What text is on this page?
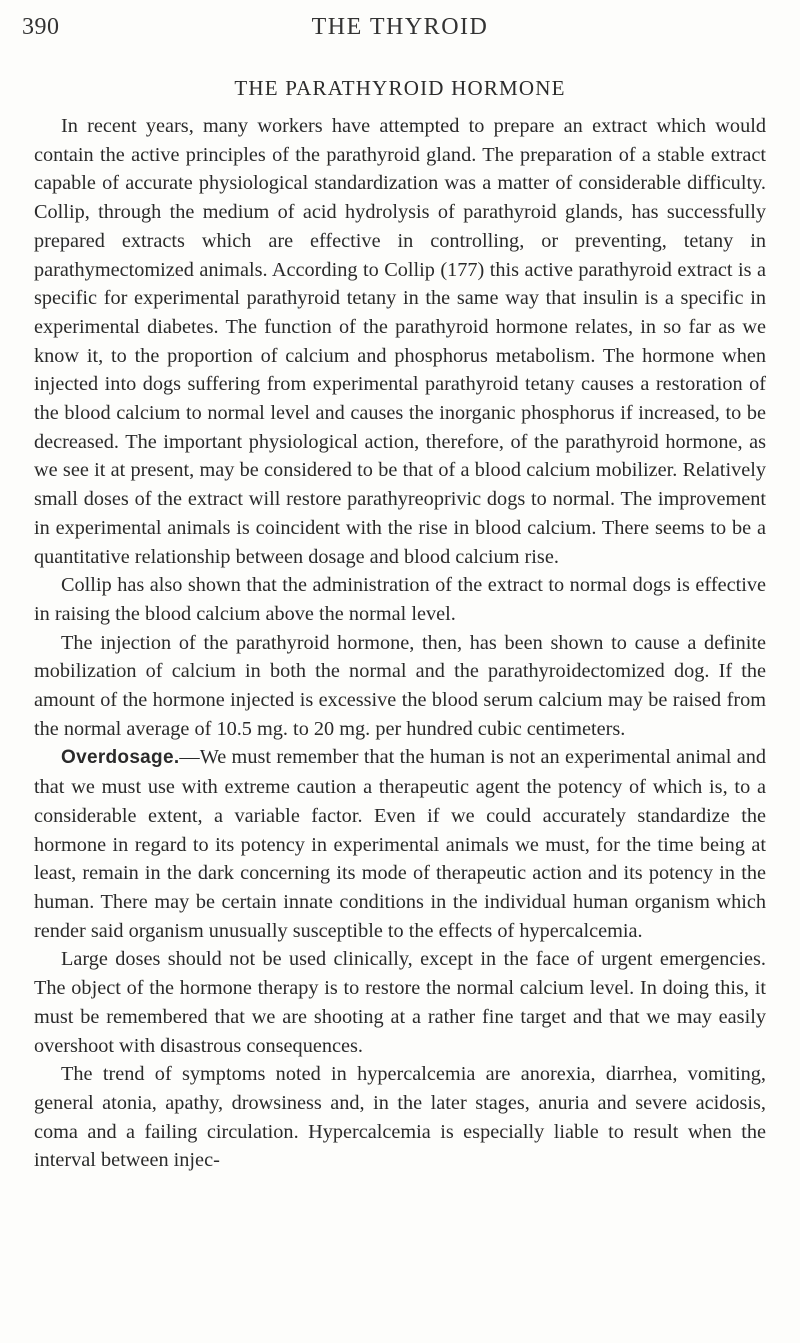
390	THE THYROID
THE PARATHYROID HORMONE

In recent years, many workers have attempted to prepare an extract which would contain the active principles of the parathyroid gland. The preparation of a stable extract capable of accurate physiological standardization was a matter of considerable difficulty. Collip, through the medium of acid hydrolysis of parathyroid glands, has successfully prepared extracts which are effective in controlling, or preventing, tetany in parathymectomized animals. According to Collip (177) this active parathyroid extract is a specific for experimental parathyroid tetany in the same way that insulin is a specific in experimental diabetes. The function of the parathyroid hormone relates, in so far as we know it, to the proportion of calcium and phosphorus metabolism. The hormone when injected into dogs suffering from experimental parathyroid tetany causes a restoration of the blood calcium to normal level and causes the inorganic phosphorus if increased, to be decreased. The important physiological action, therefore, of the parathyroid hormone, as we see it at present, may be considered to be that of a blood calcium mobilizer. Relatively small doses of the extract will restore parathyreoprivic dogs to normal. The improvement in experimental animals is coincident with the rise in blood calcium. There seems to be a quantitative relationship between dosage and blood calcium rise.

Collip has also shown that the administration of the extract to normal dogs is effective in raising the blood calcium above the normal level.

The injection of the parathyroid hormone, then, has been shown to cause a definite mobilization of calcium in both the normal and the parathyroidectomized dog. If the amount of the hormone injected is excessive the blood serum calcium may be raised from the normal average of 10.5 mg. to 20 mg. per hundred cubic centimeters.

Overdosage.—We must remember that the human is not an experimental animal and that we must use with extreme caution a therapeutic agent the potency of which is, to a considerable extent, a variable factor. Even if we could accurately standardize the hormone in regard to its potency in experimental animals we must, for the time being at least, remain in the dark concerning its mode of therapeutic action and its potency in the human. There may be certain innate conditions in the individual human organism which render said organism unusually susceptible to the effects of hypercalcemia.

Large doses should not be used clinically, except in the face of urgent emergencies. The object of the hormone therapy is to restore the normal calcium level. In doing this, it must be remembered that we are shooting at a rather fine target and that we may easily overshoot with disastrous consequences.

The trend of symptoms noted in hypercalcemia are anorexia, diarrhea, vomiting, general atonia, apathy, drowsiness and, in the later stages, anuria and severe acidosis, coma and a failing circulation. Hypercalcemia is especially liable to result when the interval between injec-
